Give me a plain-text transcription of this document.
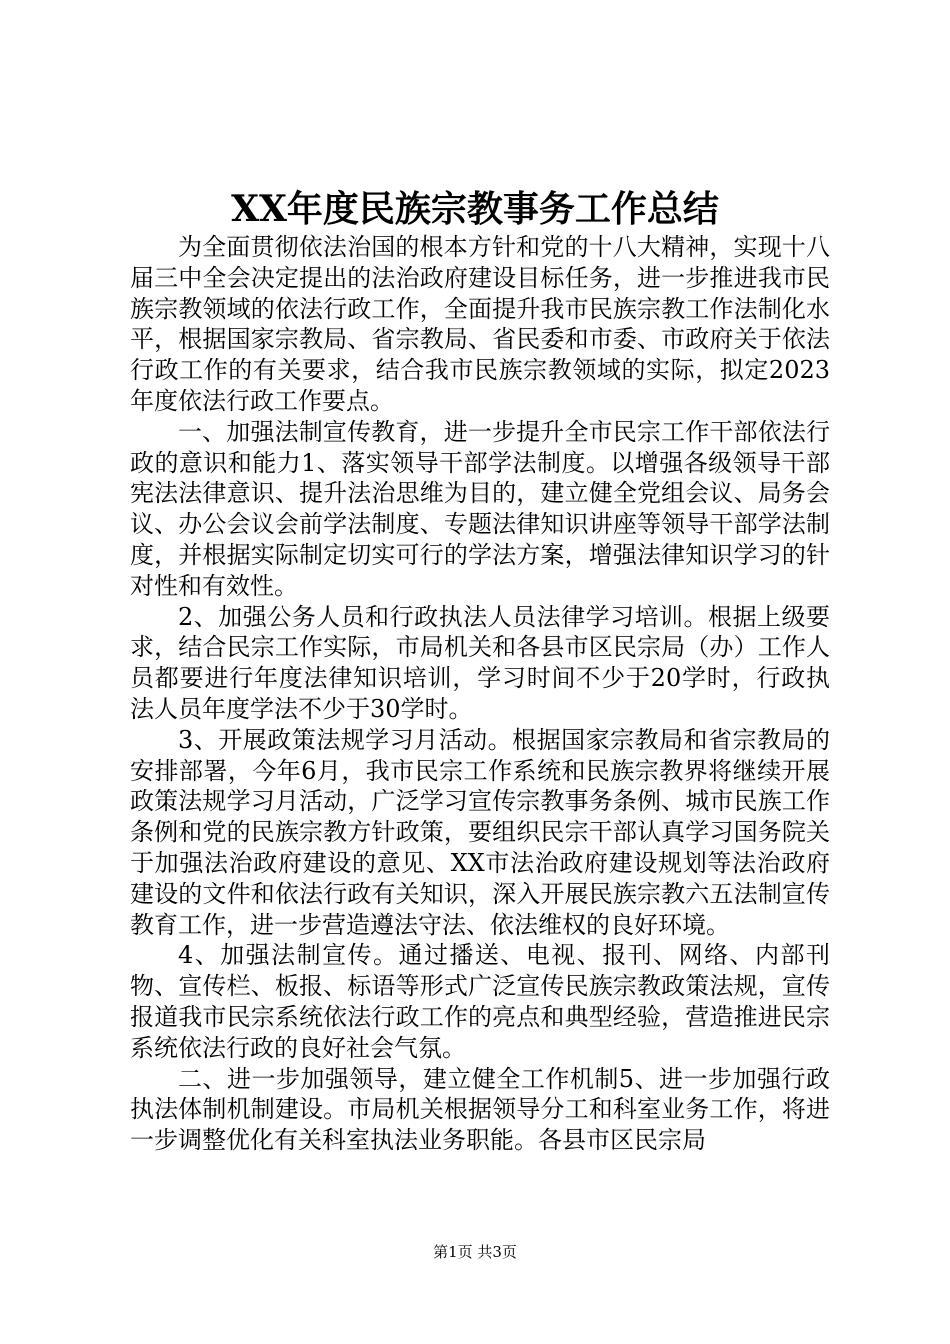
XX年度民族宗教事务工作总结

为全面贯彻依法治国的根本方针和党的十八大精神，实现十八届三中全会决定提出的法治政府建设目标任务，进一步推进我市民族宗教领域的依法行政工作，全面提升我市民族宗教工作法制化水平，根据国家宗教局、省宗教局、省民委和市委、市政府关于依法行政工作的有关要求，结合我市民族宗教领域的实际，拟定2023年度依法行政工作要点。

一、加强法制宣传教育，进一步提升全市民宗工作干部依法行政的意识和能力1、落实领导干部学法制度。以增强各级领导干部宪法法律意识、提升法治思维为目的，建立健全党组会议、局务会议、办公会议会前学法制度、专题法律知识讲座等领导干部学法制度，并根据实际制定切实可行的学法方案，增强法律知识学习的针对性和有效性。

2、加强公务人员和行政执法人员法律学习培训。根据上级要求，结合民宗工作实际，市局机关和各县市区民宗局（办）工作人员都要进行年度法律知识培训，学习时间不少于20学时，行政执法人员年度学法不少于30学时。

3、开展政策法规学习月活动。根据国家宗教局和省宗教局的安排部署，今年6月，我市民宗工作系统和民族宗教界将继续开展政策法规学习月活动，广泛学习宣传宗教事务条例、城市民族工作条例和党的民族宗教方针政策，要组织民宗干部认真学习国务院关于加强法治政府建设的意见、XX市法治政府建设规划等法治政府建设的文件和依法行政有关知识，深入开展民族宗教六五法制宣传教育工作，进一步营造遵法守法、依法维权的良好环境。

4、加强法制宣传。通过播送、电视、报刊、网络、内部刊物、宣传栏、板报、标语等形式广泛宣传民族宗教政策法规，宣传报道我市民宗系统依法行政工作的亮点和典型经验，营造推进民宗系统依法行政的良好社会气氛。

二、进一步加强领导，建立健全工作机制5、进一步加强行政执法体制机制建设。市局机关根据领导分工和科室业务工作，将进一步调整优化有关科室执法业务职能。各县市区民宗局

第1页 共3页
